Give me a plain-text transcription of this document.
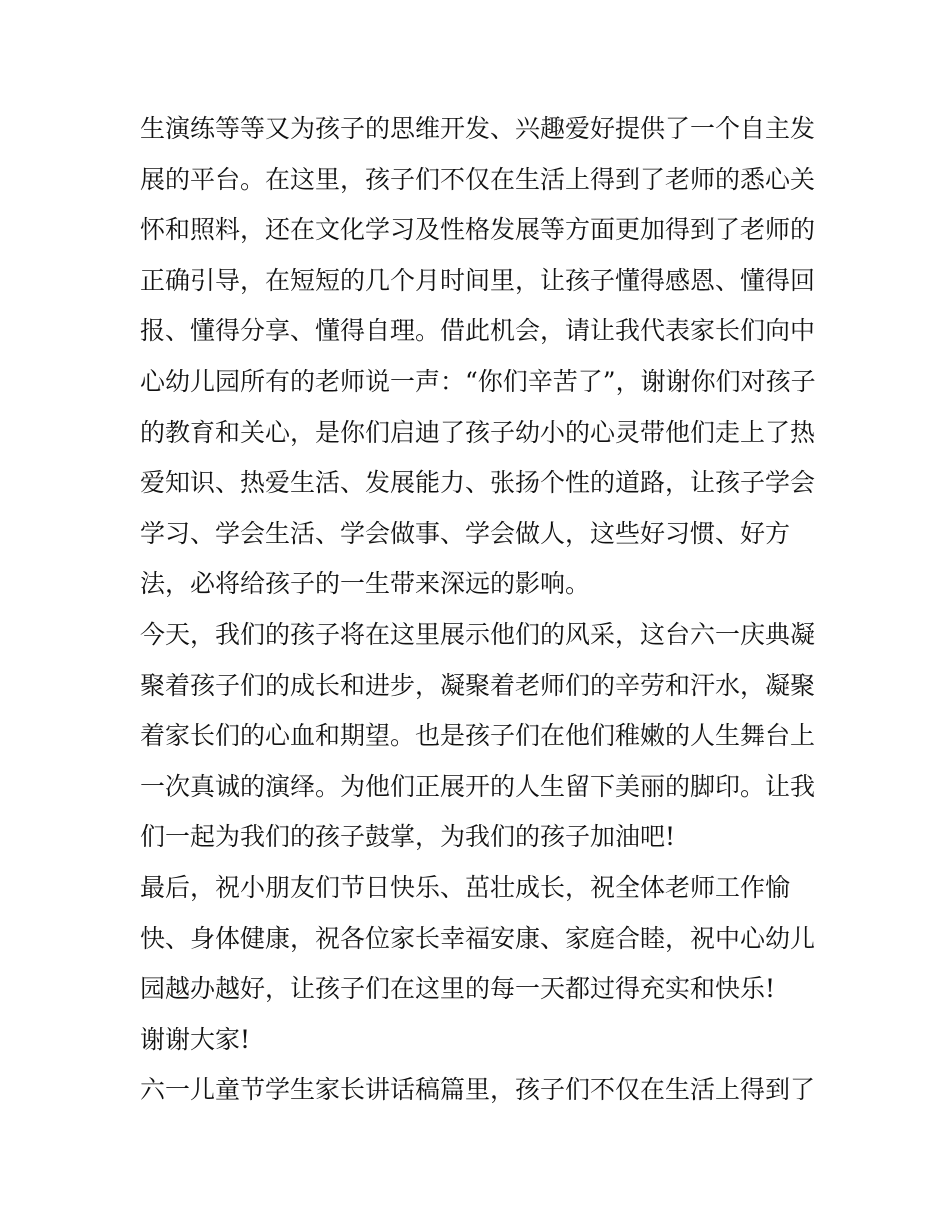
生演练等等又为孩子的思维开发、兴趣爱好提供了一个自主发
展的平台。在这里，孩子们不仅在生活上得到了老师的悉心关
怀和照料，还在文化学习及性格发展等方面更加得到了老师的
正确引导，在短短的几个月时间里，让孩子懂得感恩、懂得回
报、懂得分享、懂得自理。借此机会，请让我代表家长们向中
心幼儿园所有的老师说一声：“你们辛苦了”，谢谢你们对孩子
的教育和关心，是你们启迪了孩子幼小的心灵带他们走上了热
爱知识、热爱生活、发展能力、张扬个性的道路，让孩子学会
学习、学会生活、学会做事、学会做人，这些好习惯、好方
法，必将给孩子的一生带来深远的影响。
今天，我们的孩子将在这里展示他们的风采，这台六一庆典凝
聚着孩子们的成长和进步，凝聚着老师们的辛劳和汗水，凝聚
着家长们的心血和期望。也是孩子们在他们稚嫩的人生舞台上
一次真诚的演绎。为他们正展开的人生留下美丽的脚印。让我
们一起为我们的孩子鼓掌，为我们的孩子加油吧!
最后，祝小朋友们节日快乐、茁壮成长，祝全体老师工作愉
快、身体健康，祝各位家长幸福安康、家庭合睦，祝中心幼儿
园越办越好，让孩子们在这里的每一天都过得充实和快乐!
谢谢大家!
六一儿童节学生家长讲话稿篇里，孩子们不仅在生活上得到了
